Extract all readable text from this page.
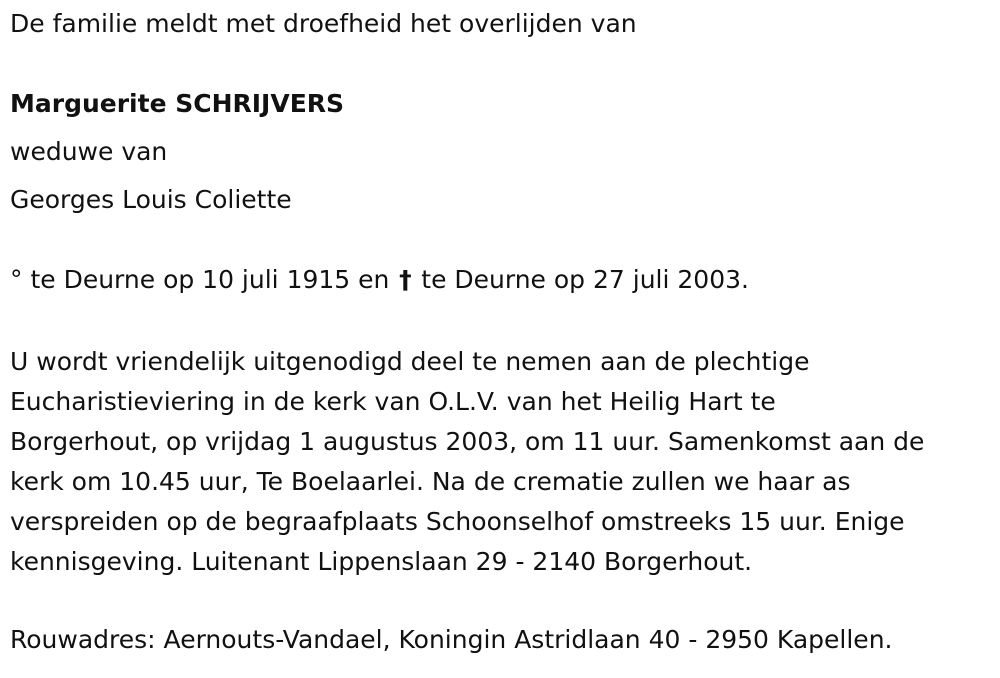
De familie meldt met droefheid het overlijden van
Marguerite SCHRIJVERS
weduwe van
Georges Louis Coliette
° te Deurne op 10 juli 1915 en † te Deurne op 27 juli 2003.
U wordt vriendelijk uitgenodigd deel te nemen aan de plechtige
Eucharistieviering in de kerk van O.L.V. van het Heilig Hart te
Borgerhout, op vrijdag 1 augustus 2003, om 11 uur. Samenkomst aan de
kerk om 10.45 uur, Te Boelaarlei. Na de crematie zullen we haar as
verspreiden op de begraafplaats Schoonselhof omstreeks 15 uur. Enige
kennisgeving. Luitenant Lippenslaan 29 - 2140 Borgerhout.
Rouwadres: Aernouts-Vandael, Koningin Astridlaan 40 - 2950 Kapellen.
